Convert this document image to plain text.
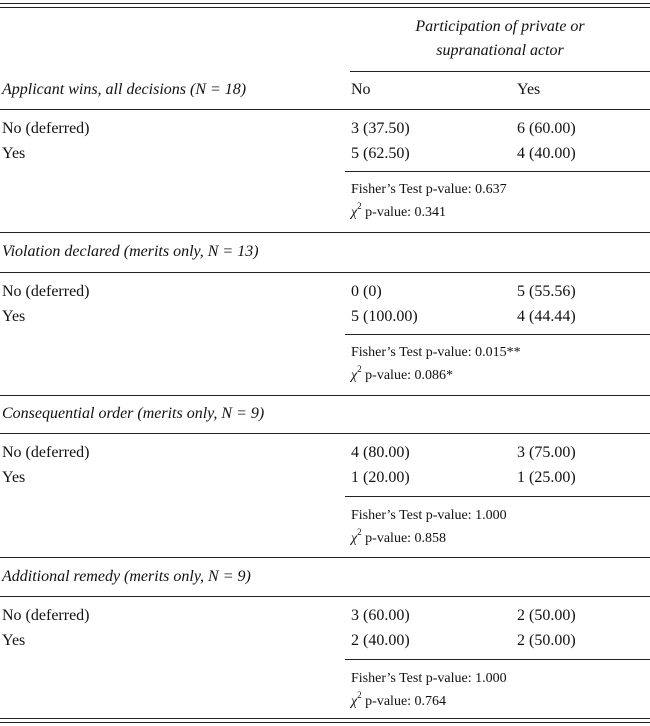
Participation of private or
supranational actor
Applicant wins, all decisions (N = 18)	No	Yes
No (deferred)	3 (37.50)	6 (60.00)
Yes	5 (62.50)	4 (40.00)
Fisher’s Test p-value: 0.637
$\chi^2$ p-value: 0.341
Violation declared (merits only, N = 13)
No (deferred)	0 (0)	5 (55.56)
Yes	5 (100.00)	4 (44.44)
Fisher’s Test p-value: 0.015**
$\chi^2$ p-value: 0.086*
Consequential order (merits only, N = 9)
No (deferred)	4 (80.00)	3 (75.00)
Yes	1 (20.00)	1 (25.00)
Fisher’s Test p-value: 1.000
$\chi^2$ p-value: 0.858
Additional remedy (merits only, N = 9)
No (deferred)	3 (60.00)	2 (50.00)
Yes	2 (40.00)	2 (50.00)
Fisher’s Test p-value: 1.000
$\chi^2$ p-value: 0.764
